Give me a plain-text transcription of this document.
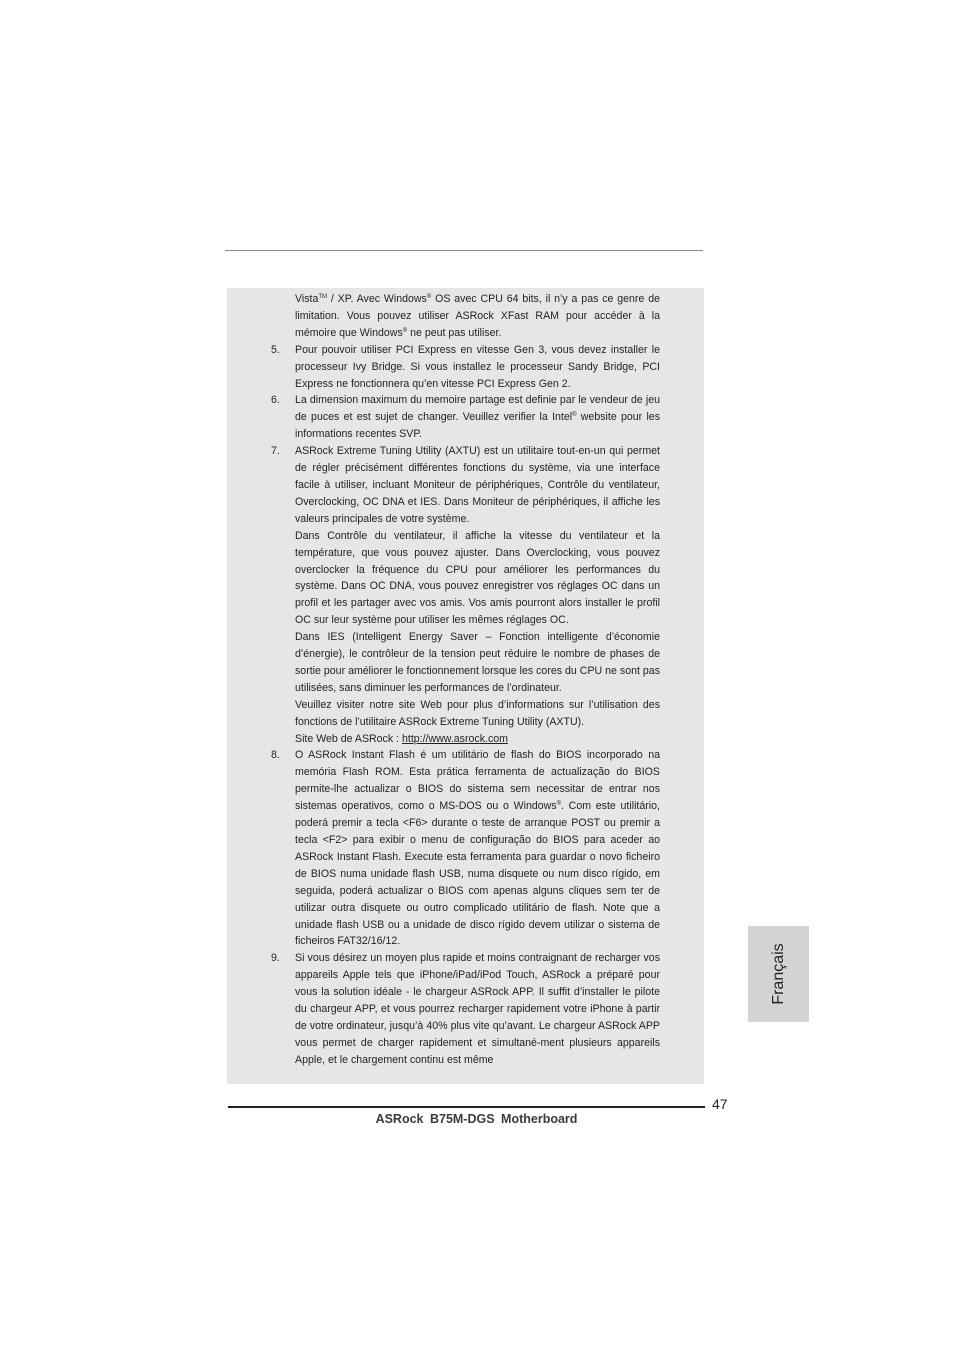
Vista™ / XP. Avec Windows® OS avec CPU 64 bits, il n’y a pas ce genre de limitation. Vous pouvez utiliser ASRock XFast RAM pour accéder à la mémoire que Windows® ne peut pas utiliser.

5.	Pour pouvoir utiliser PCI Express en vitesse Gen 3, vous devez installer le processeur Ivy Bridge. Si vous installez le processeur Sandy Bridge, PCI Express ne fonctionnera qu’en vitesse PCI Express Gen 2.

6.	La dimension maximum du memoire partage est definie par le vendeur de jeu de puces et est sujet de changer. Veuillez verifier la Intel® website pour les informations recentes SVP.

7.	ASRock Extreme Tuning Utility (AXTU) est un utilitaire tout-en-un qui permet de régler précisément différentes fonctions du système, via une interface facile à utiliser, incluant Moniteur de périphériques, Contrôle du ventilateur, Overclocking, OC DNA et IES. Dans Moniteur de périphériques, il affiche les valeurs principales de votre système.

Dans Contrôle du ventilateur, il affiche la vitesse du ventilateur et la température, que vous pouvez ajuster. Dans Overclocking, vous pouvez overclocker la fréquence du CPU pour améliorer les performances du système. Dans OC DNA, vous pouvez enregistrer vos réglages OC dans un profil et les partager avec vos amis. Vos amis pourront alors installer le profil OC sur leur système pour utiliser les mêmes réglages OC.

Dans IES (Intelligent Energy Saver – Fonction intelligente d’économie d’énergie), le contrôleur de la tension peut réduire le nombre de phases de sortie pour améliorer le fonctionnement lorsque les cores du CPU ne sont pas utilisées, sans diminuer les performances de l’ordinateur.

Veuillez visiter notre site Web pour plus d’informations sur l’utilisation des fonctions de l’utilitaire ASRock Extreme Tuning Utility (AXTU).

Site Web de ASRock : http://www.asrock.com

8.	O ASRock Instant Flash é um utilitário de flash do BIOS incorporado na memória Flash ROM. Esta prática ferramenta de actualização do BIOS permite-lhe actualizar o BIOS do sistema sem necessitar de entrar nos sistemas operativos, como o MS-DOS ou o Windows®. Com este utilitário, poderá premir a tecla <F6> durante o teste de arranque POST ou premir a tecla <F2> para exibir o menu de configuração do BIOS para aceder ao ASRock Instant Flash. Execute esta ferramenta para guardar o novo ficheiro de BIOS numa unidade flash USB, numa disquete ou num disco rígido, em seguida, poderá actualizar o BIOS com apenas alguns cliques sem ter de utilizar outra disquete ou outro complicado utilitário de flash. Note que a unidade flash USB ou a unidade de disco rígido devem utilizar o sistema de ficheiros FAT32/16/12.

9.	Si vous désirez un moyen plus rapide et moins contraignant de recharger vos appareils Apple tels que iPhone/iPad/iPod Touch, ASRock a préparé pour vous la solution idéale - le chargeur ASRock APP. Il suffit d’installer le pilote du chargeur APP, et vous pourrez recharger rapidement votre iPhone à partir de votre ordinateur, jusqu’à 40% plus vite qu’avant. Le chargeur ASRock APP vous permet de charger rapidement et simultané-ment plusieurs appareils Apple, et le chargement continu est même

Français
47
ASRock B75M-DGS Motherboard
